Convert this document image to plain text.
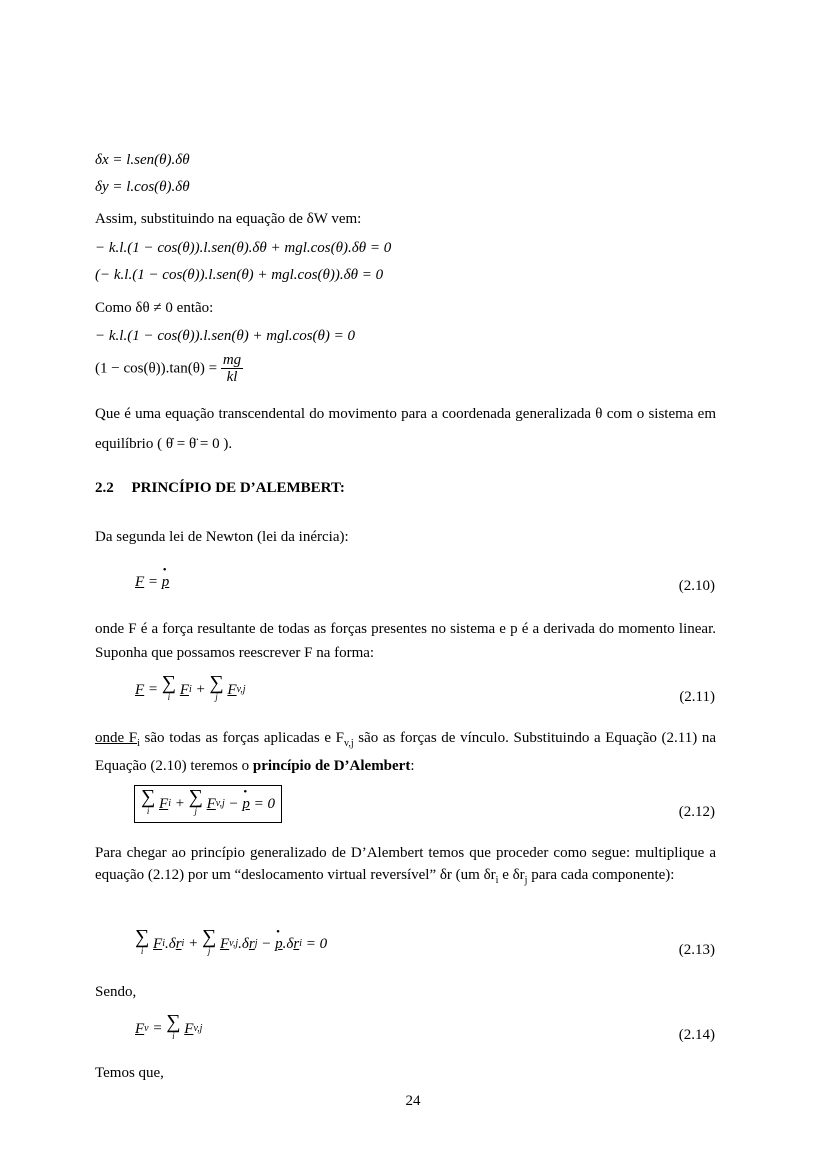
δx = l.sen(θ).δθ
δy = l.cos(θ).δθ
Assim, substituindo na equação de δW vem:
− k.l.(1 − cos(θ)).l.sen(θ).δθ + mgl.cos(θ).δθ = 0
(− k.l.(1 − cos(θ)).l.sen(θ) + mgl.cos(θ)).δθ = 0
Como δθ ≠ 0 então:
− k.l.(1 − cos(θ)).l.sen(θ) + mgl.cos(θ) = 0
$(1 - \cos(\theta)).\tan(\theta) = \frac{mg}{kl}$
Que é uma equação transcendental do movimento para a coordenada generalizada θ com o sistema em equilíbrio ( θ̇ = θ̈ = 0 ).
2.2 PRINCÍPIO DE D’ALEMBERT:
Da segunda lei de Newton (lei da inércia):
F = • p	(2.10)
onde F é a força resultante de todas as forças presentes no sistema e p é a derivada do momento linear. Suponha que possamos reescrever F na forma:
F = ∑
i Fi + ∑
j Fv,j	(2.11)
onde $F_i$ são todas as forças aplicadas e $F_{v,j}$ são as forças de vínculo. Substituindo a Equação (2.11) na Equação (2.10) teremos o princípio de D’Alembert:
∑
i Fi + ∑
j Fv,j − • p = 0	(2.12)
Para chegar ao princípio generalizado de D’Alembert temos que proceder como segue: multiplique a equação (2.12) por um “deslocamento virtual reversível” δr (um $\delta r_i$ e $\delta r_j$ para cada componente):
∑
i Fi.δri + ∑
j Fv,j.δrj − • p.δri = 0	(2.13)
Sendo,
Fv = ∑
i Fv,j	(2.14)
Temos que,
24
